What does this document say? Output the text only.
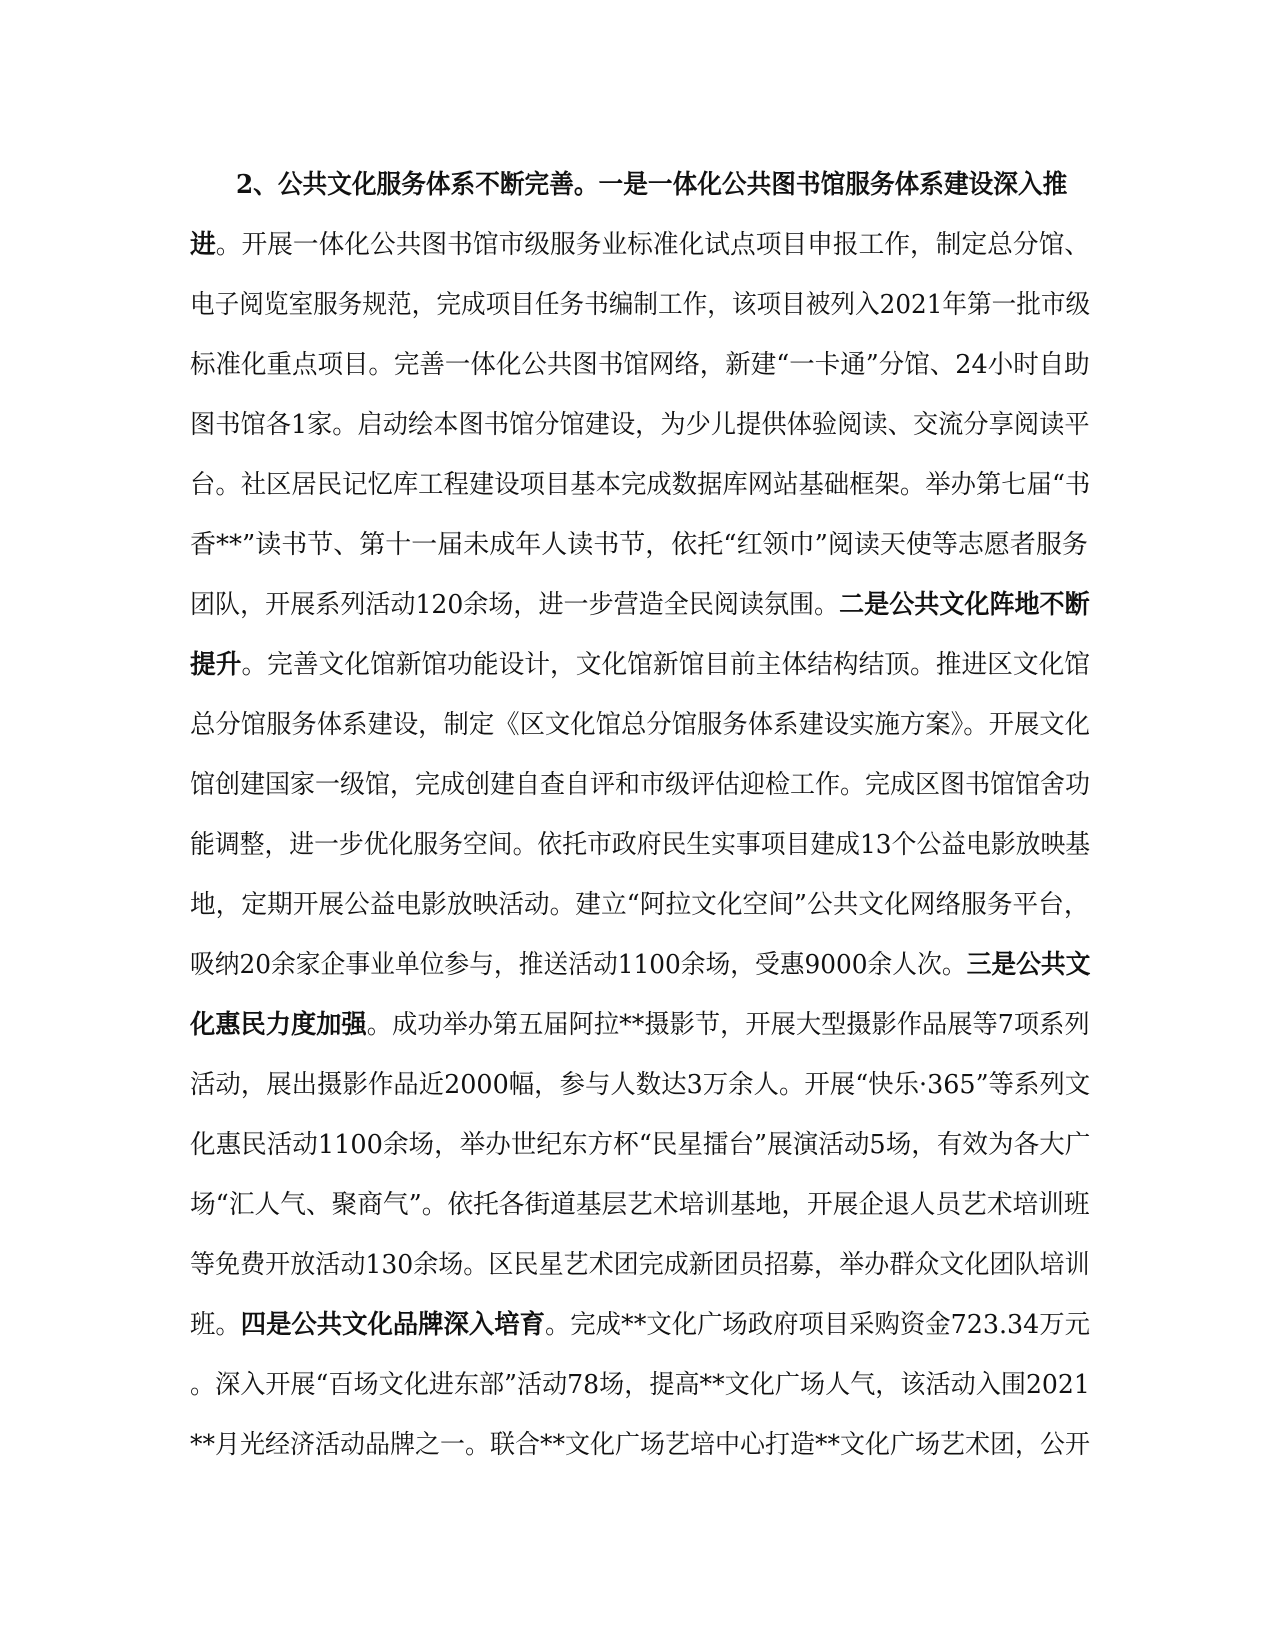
2、公共文化服务体系不断完善。一是一体化公共图书馆服务体系建设深入推
进。开展一体化公共图书馆市级服务业标准化试点项目申报工作，制定总分馆、
电子阅览室服务规范，完成项目任务书编制工作，该项目被列入2021年第一批市级
标准化重点项目。完善一体化公共图书馆网络，新建“一卡通”分馆、24小时自助
图书馆各1家。启动绘本图书馆分馆建设，为少儿提供体验阅读、交流分享阅读平
台。社区居民记忆库工程建设项目基本完成数据库网站基础框架。举办第七届“书
香**”读书节、第十一届未成年人读书节，依托“红领巾”阅读天使等志愿者服务
团队，开展系列活动120余场，进一步营造全民阅读氛围。二是公共文化阵地不断
提升。完善文化馆新馆功能设计，文化馆新馆目前主体结构结顶。推进区文化馆
总分馆服务体系建设，制定《区文化馆总分馆服务体系建设实施方案》。开展文化
馆创建国家一级馆，完成创建自查自评和市级评估迎检工作。完成区图书馆馆舍功
能调整，进一步优化服务空间。依托市政府民生实事项目建成13个公益电影放映基
地，定期开展公益电影放映活动。建立“阿拉文化空间”公共文化网络服务平台，
吸纳20余家企事业单位参与，推送活动1100余场，受惠9000余人次。三是公共文
化惠民力度加强。成功举办第五届阿拉**摄影节，开展大型摄影作品展等7项系列
活动，展出摄影作品近2000幅，参与人数达3万余人。开展“快乐·365”等系列文
化惠民活动1100余场，举办世纪东方杯“民星擂台”展演活动5场，有效为各大广
场“汇人气、聚商气”。依托各街道基层艺术培训基地，开展企退人员艺术培训班
等免费开放活动130余场。区民星艺术团完成新团员招募，举办群众文化团队培训
班。四是公共文化品牌深入培育。完成**文化广场政府项目采购资金723.34万元
。深入开展“百场文化进东部”活动78场，提高**文化广场人气，该活动入围2021
**月光经济活动品牌之一。联合**文化广场艺培中心打造**文化广场艺术团，公开
